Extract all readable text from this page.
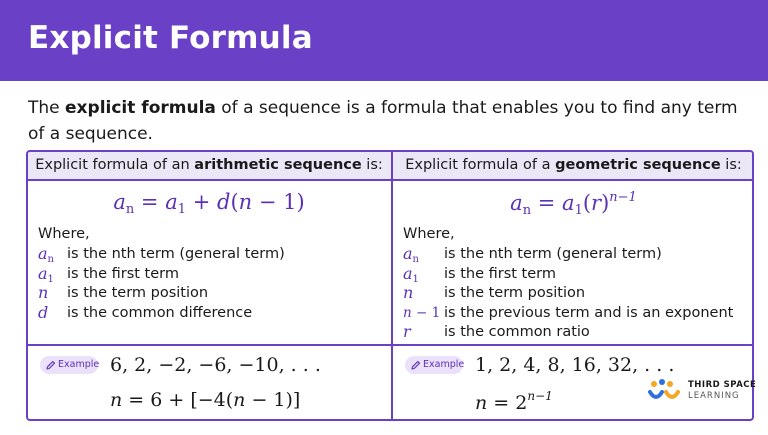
Explicit Formula

The explicit formula of a sequence is a formula that enables you to find any term of a sequence.

Explicit formula of an arithmetic sequence is:
$a_n = a_1 + d(n - 1)$
Where,
$a_n$ is the nth term (general term)
$a_1$ is the first term
n is the term position
d is the common difference
Example 6, 2, −2, −6, −10, . . .
n = 6 + [−4(n − 1)]
Explicit formula of a geometric sequence is:
$a_n = a_1(r)^{n-1}$
Where,
$a_n$ is the nth term (general term)
$a_1$ is the first term
n is the term position
n − 1 is the previous term and is an exponent
r is the common ratio
Example 1, 2, 4, 8, 16, 32, . . .
$n = 2^{n-1}$
THIRD SPACE
LEARNING
